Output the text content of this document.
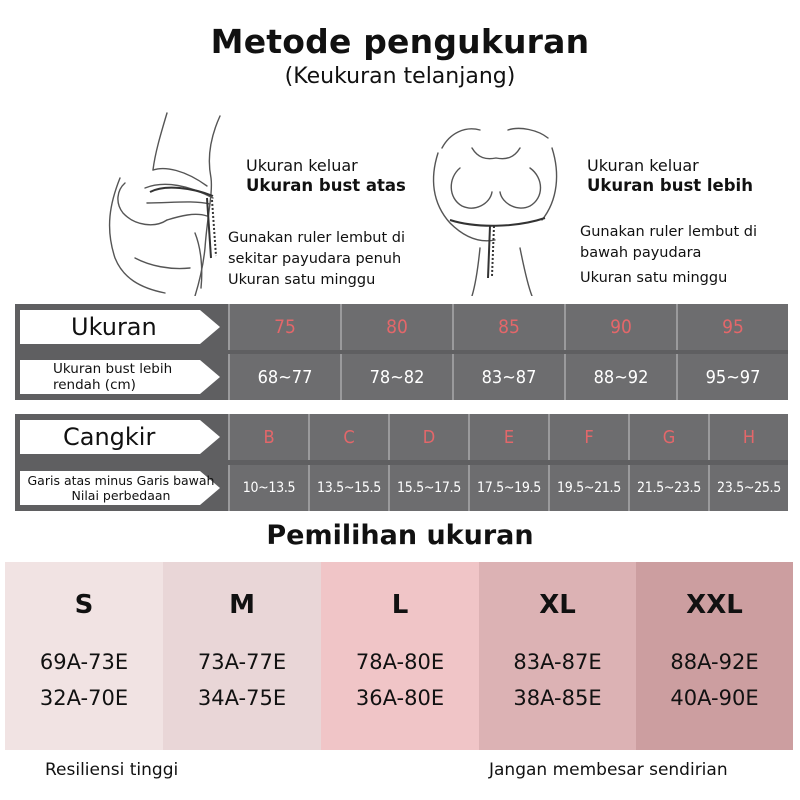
Metode pengukuran
(Keukuran telanjang)
Ukuran keluar
Ukuran bust atas
Gunakan ruler lembut di
sekitar payudara penuh
Ukuran satu minggu
Ukuran keluar
Ukuran bust lebih
Gunakan ruler lembut di
bawah payudara
Ukuran satu minggu
Ukuran	75	80	85	90	95
Ukuran bust lebih
rendah (cm)	68~77	78~82	83~87	88~92	95~97
Cangkir	B	C	D	E	F	G	H
Garis atas minus Garis bawah
Nilai perbedaan	10~13.5	13.5~15.5	15.5~17.5	17.5~19.5	19.5~21.5	21.5~23.5	23.5~25.5
Pemilihan ukuran
S
69A-73E
32A-70E
M
73A-77E
34A-75E
L
78A-80E
36A-80E
XL
83A-87E
38A-85E
XXL
88A-92E
40A-90E
Resiliensi tinggi	Jangan membesar sendirian
